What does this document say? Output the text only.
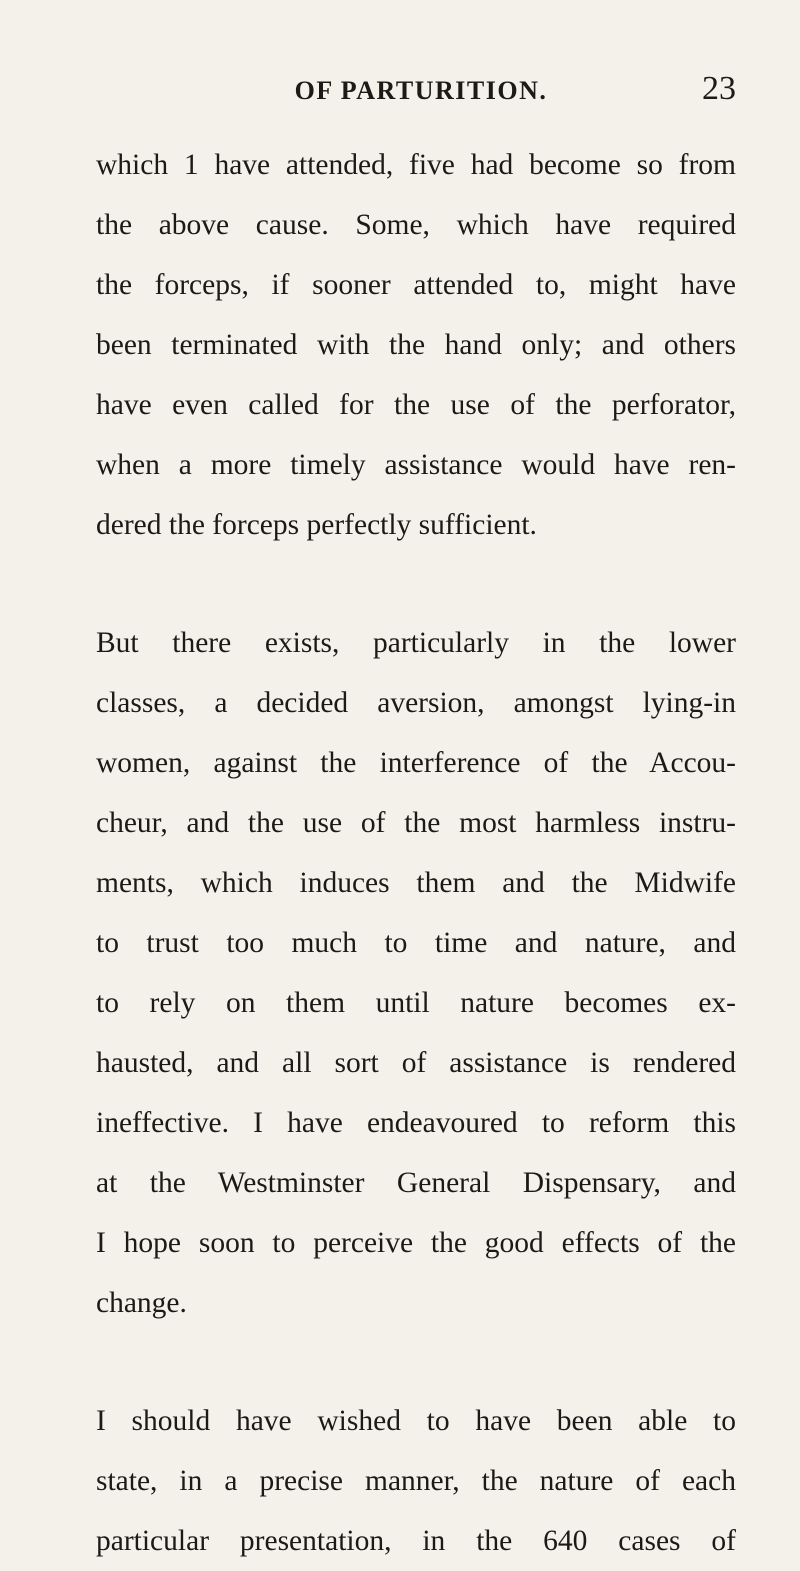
OF PARTURITION.	23

which 1 have attended, five had become so from
the above cause. Some, which have required
the forceps, if sooner attended to, might have
been terminated with the hand only; and others
have even called for the use of the perforator,
when a more timely assistance would have ren-
dered the forceps perfectly sufficient.

But there exists, particularly in the lower
classes, a decided aversion, amongst lying-in
women, against the interference of the Accou-
cheur, and the use of the most harmless instru-
ments, which induces them and the Midwife
to trust too much to time and nature, and
to rely on them until nature becomes ex-
hausted, and all sort of assistance is rendered
ineffective. I have endeavoured to reform this
at the Westminster General Dispensary, and
I hope soon to perceive the good effects of the
change.

I should have wished to have been able to
state, in a precise manner, the nature of each
particular presentation, in the 640 cases of
